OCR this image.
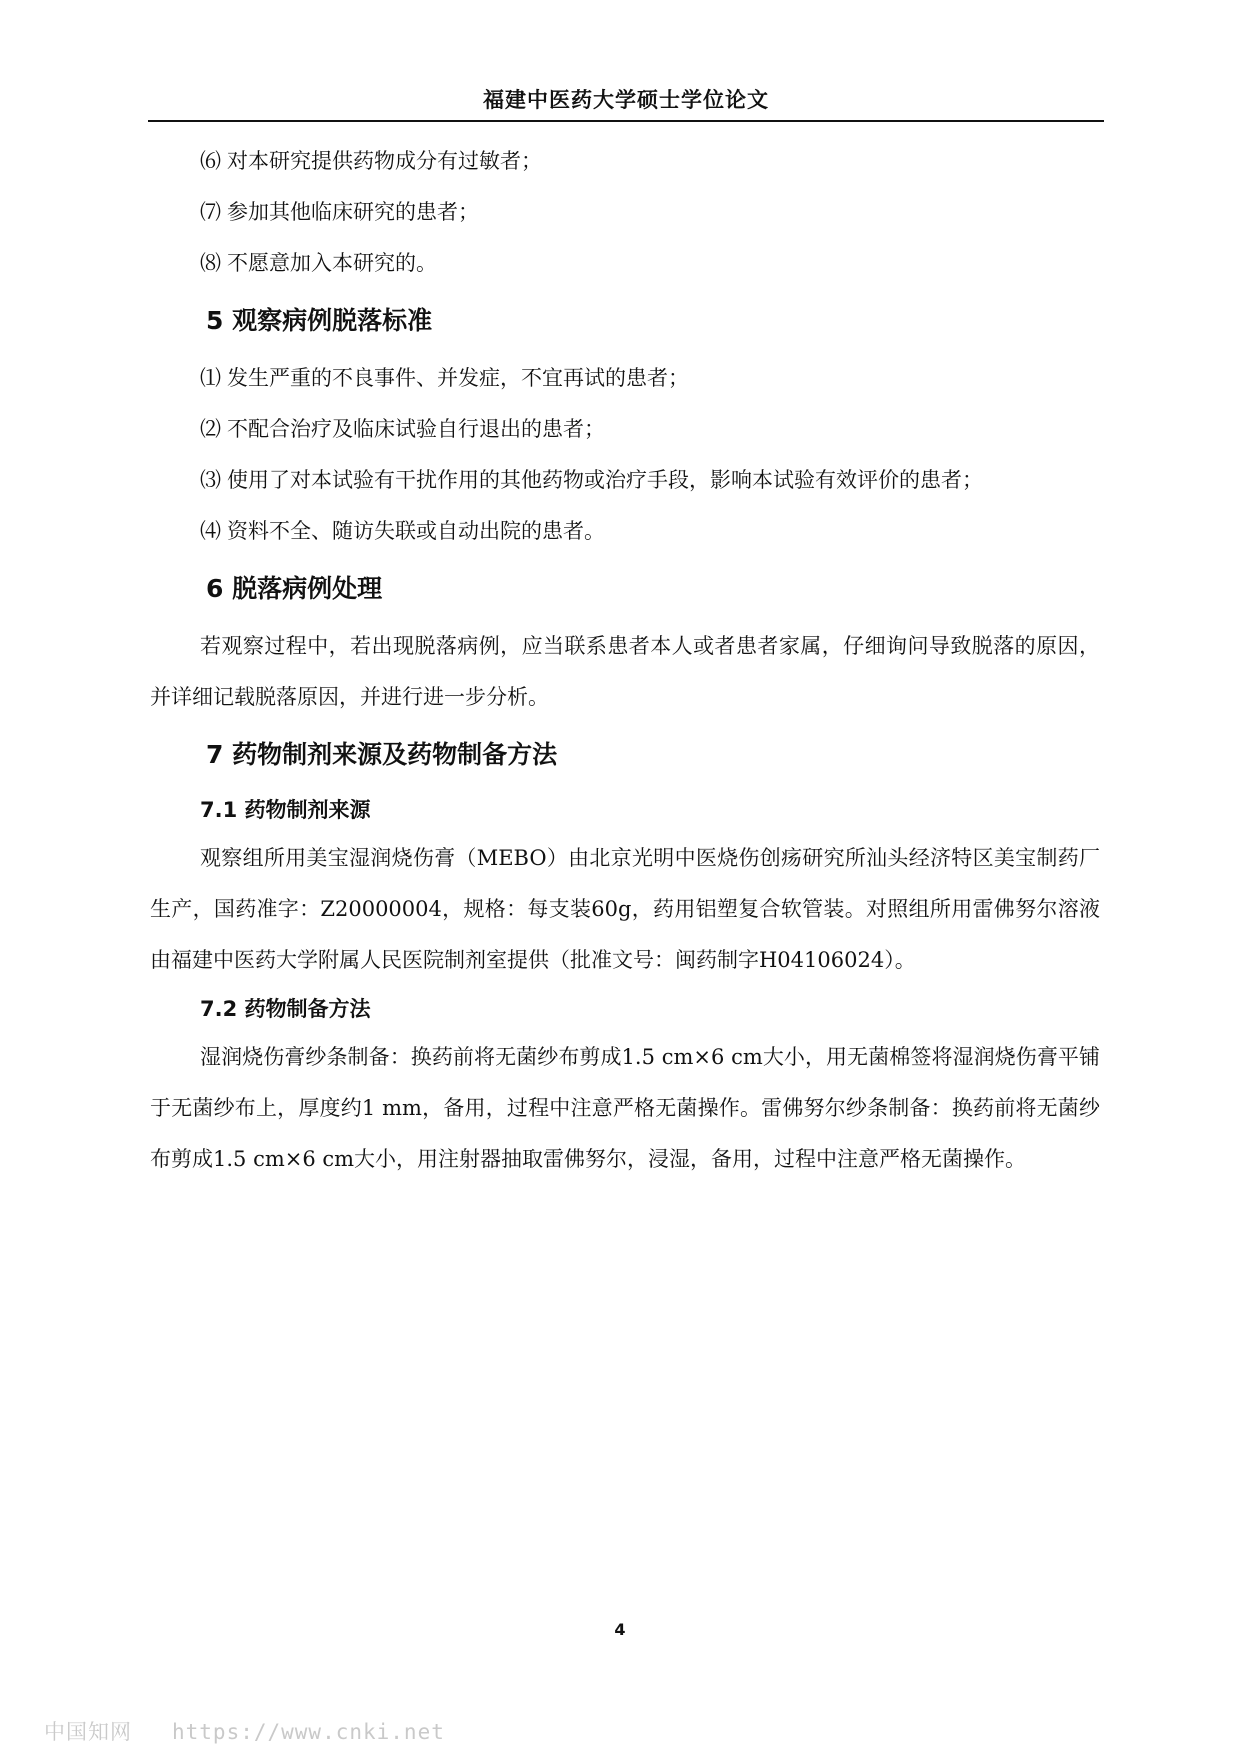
福建中医药大学硕士学位论文

⑹ 对本研究提供药物成分有过敏者；

⑺ 参加其他临床研究的患者；

⑻ 不愿意加入本研究的。

5 观察病例脱落标准

⑴ 发生严重的不良事件、并发症，不宜再试的患者；

⑵ 不配合治疗及临床试验自行退出的患者；

⑶ 使用了对本试验有干扰作用的其他药物或治疗手段，影响本试验有效评价的患者；

⑷ 资料不全、随访失联或自动出院的患者。

6 脱落病例处理

若观察过程中，若出现脱落病例，应当联系患者本人或者患者家属，仔细询问导致脱落的原因，并详细记载脱落原因，并进行进一步分析。

7 药物制剂来源及药物制备方法
7.1 药物制剂来源

观察组所用美宝湿润烧伤膏（MEBO）由北京光明中医烧伤创疡研究所汕头经济特区美宝制药厂生产，国药准字：Z20000004，规格：每支装60g，药用铝塑复合软管装。对照组所用雷佛努尔溶液由福建中医药大学附属人民医院制剂室提供（批准文号：闽药制字H04106024）。

7.2 药物制备方法

湿润烧伤膏纱条制备：换药前将无菌纱布剪成1.5 cm×6 cm大小，用无菌棉签将湿润烧伤膏平铺于无菌纱布上，厚度约1 mm，备用，过程中注意严格无菌操作。雷佛努尔纱条制备：换药前将无菌纱布剪成1.5 cm×6 cm大小，用注射器抽取雷佛努尔，浸湿，备用，过程中注意严格无菌操作。

4
中国知网 https://www.cnki.net
